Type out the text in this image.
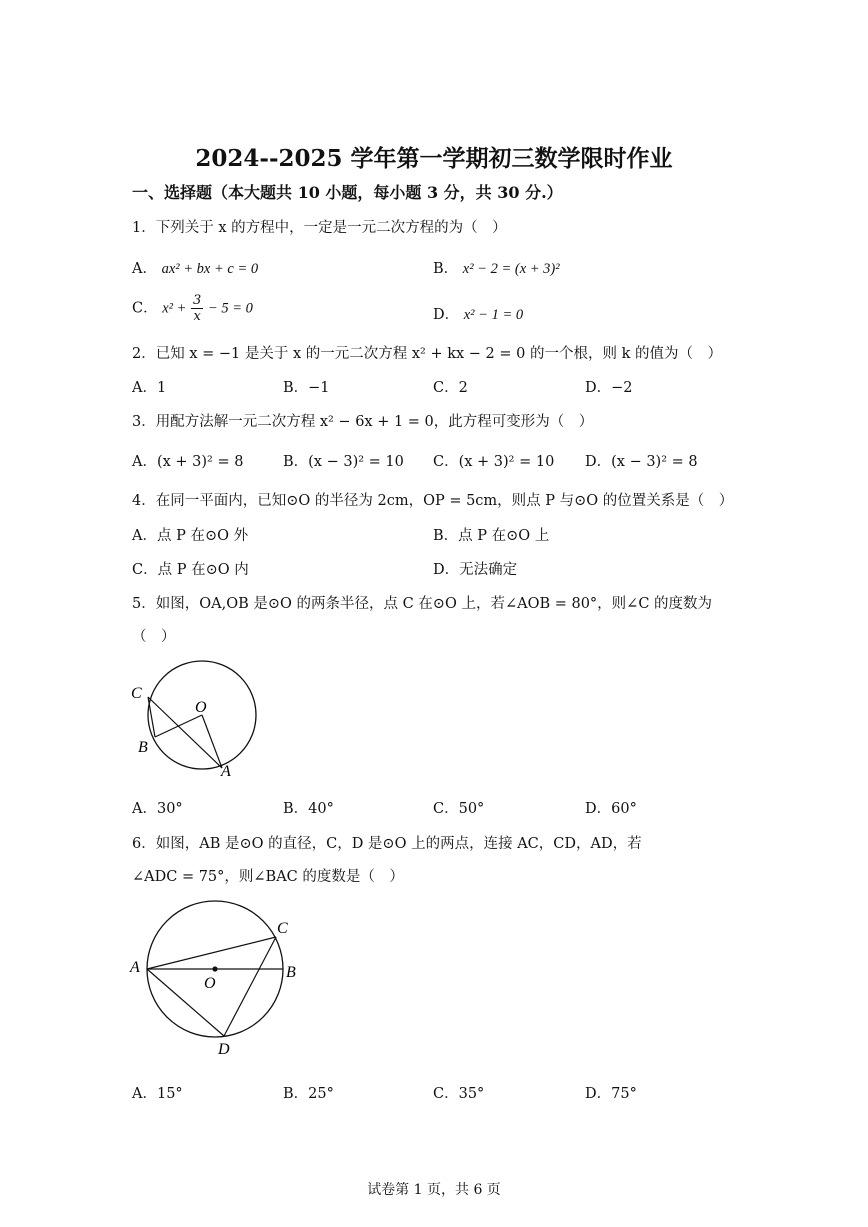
2024--2025 学年第一学期初三数学限时作业
一、选择题（本大题共 10 小题，每小题 3 分，共 30 分.）
1．下列关于 x 的方程中，一定是一元二次方程的为（　）
A． ax² + bx + c = 0	B． x² − 2 = (x + 3)²
C． $x^2 + \frac{3}{x} - 5 = 0$	D． x² − 1 = 0
2．已知 x = −1 是关于 x 的一元二次方程 x² + kx − 2 = 0 的一个根，则 k 的值为（　）
A．1	B．−1	C．2	D．−2
3．用配方法解一元二次方程 x² − 6x + 1 = 0，此方程可变形为（　）
A．(x + 3)² = 8	B．(x − 3)² = 10 C．(x + 3)² = 10 D．(x − 3)² = 8
4．在同一平面内，已知⊙O 的半径为 2cm，OP = 5cm，则点 P 与⊙O 的位置关系是（　）
A．点 P 在⊙O 外	B．点 P 在⊙O 上
C．点 P 在⊙O 内	D．无法确定
5．如图，OA,OB 是⊙O 的两条半径，点 C 在⊙O 上，若∠AOB = 80°，则∠C 的度数为
（　）
C
O
B
A
A．30°	B．40°	C．50°	D．60°
6．如图，AB 是⊙O 的直径，C，D 是⊙O 上的两点，连接 AC，CD，AD，若
∠ADC = 75°，则∠BAC 的度数是（　）
A	B
C
D
O
A．15°	B．25°	C．35°	D．75°
试卷第 1 页，共 6 页
